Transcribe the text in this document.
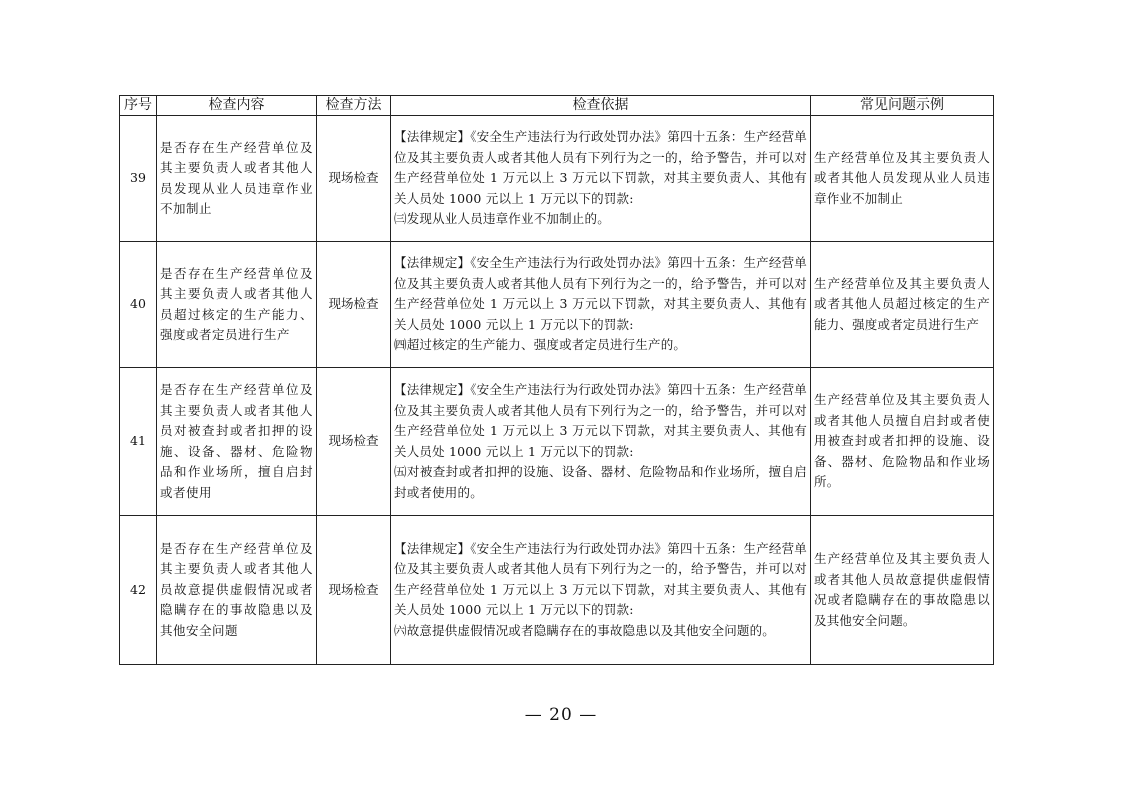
序号	检查内容	检查方法	检查依据	常见问题示例
39	是否存在生产经营单位及其主要负责人或者其他人员发现从业人员违章作业不加制止	现场检查	【法律规定】《安全生产违法行为行政处罚办法》第四十五条：生产经营单位及其主要负责人或者其他人员有下列行为之一的，给予警告，并可以对生产经营单位处 1 万元以上 3 万元以下罚款，对其主要负责人、其他有关人员处 1000 元以上 1 万元以下的罚款:
㈢发现从业人员违章作业不加制止的。	生产经营单位及其主要负责人或者其他人员发现从业人员违章作业不加制止
40	是否存在生产经营单位及其主要负责人或者其他人员超过核定的生产能力、强度或者定员进行生产	现场检查	【法律规定】《安全生产违法行为行政处罚办法》第四十五条：生产经营单位及其主要负责人或者其他人员有下列行为之一的，给予警告，并可以对生产经营单位处 1 万元以上 3 万元以下罚款，对其主要负责人、其他有关人员处 1000 元以上 1 万元以下的罚款:
㈣超过核定的生产能力、强度或者定员进行生产的。	生产经营单位及其主要负责人或者其他人员超过核定的生产能力、强度或者定员进行生产
41	是否存在生产经营单位及其主要负责人或者其他人员对被查封或者扣押的设施、设备、器材、危险物品和作业场所，擅自启封或者使用	现场检查	【法律规定】《安全生产违法行为行政处罚办法》第四十五条：生产经营单位及其主要负责人或者其他人员有下列行为之一的，给予警告，并可以对生产经营单位处 1 万元以上 3 万元以下罚款，对其主要负责人、其他有关人员处 1000 元以上 1 万元以下的罚款:
㈤对被查封或者扣押的设施、设备、器材、危险物品和作业场所，擅自启封或者使用的。	生产经营单位及其主要负责人或者其他人员擅自启封或者使用被查封或者扣押的设施、设备、器材、危险物品和作业场所。
42	是否存在生产经营单位及其主要负责人或者其他人员故意提供虚假情况或者隐瞒存在的事故隐患以及其他安全问题	现场检查	【法律规定】《安全生产违法行为行政处罚办法》第四十五条：生产经营单位及其主要负责人或者其他人员有下列行为之一的，给予警告，并可以对生产经营单位处 1 万元以上 3 万元以下罚款，对其主要负责人、其他有关人员处 1000 元以上 1 万元以下的罚款:
㈥故意提供虚假情况或者隐瞒存在的事故隐患以及其他安全问题的。	生产经营单位及其主要负责人或者其他人员故意提供虚假情况或者隐瞒存在的事故隐患以及其他安全问题。
— 20 —
